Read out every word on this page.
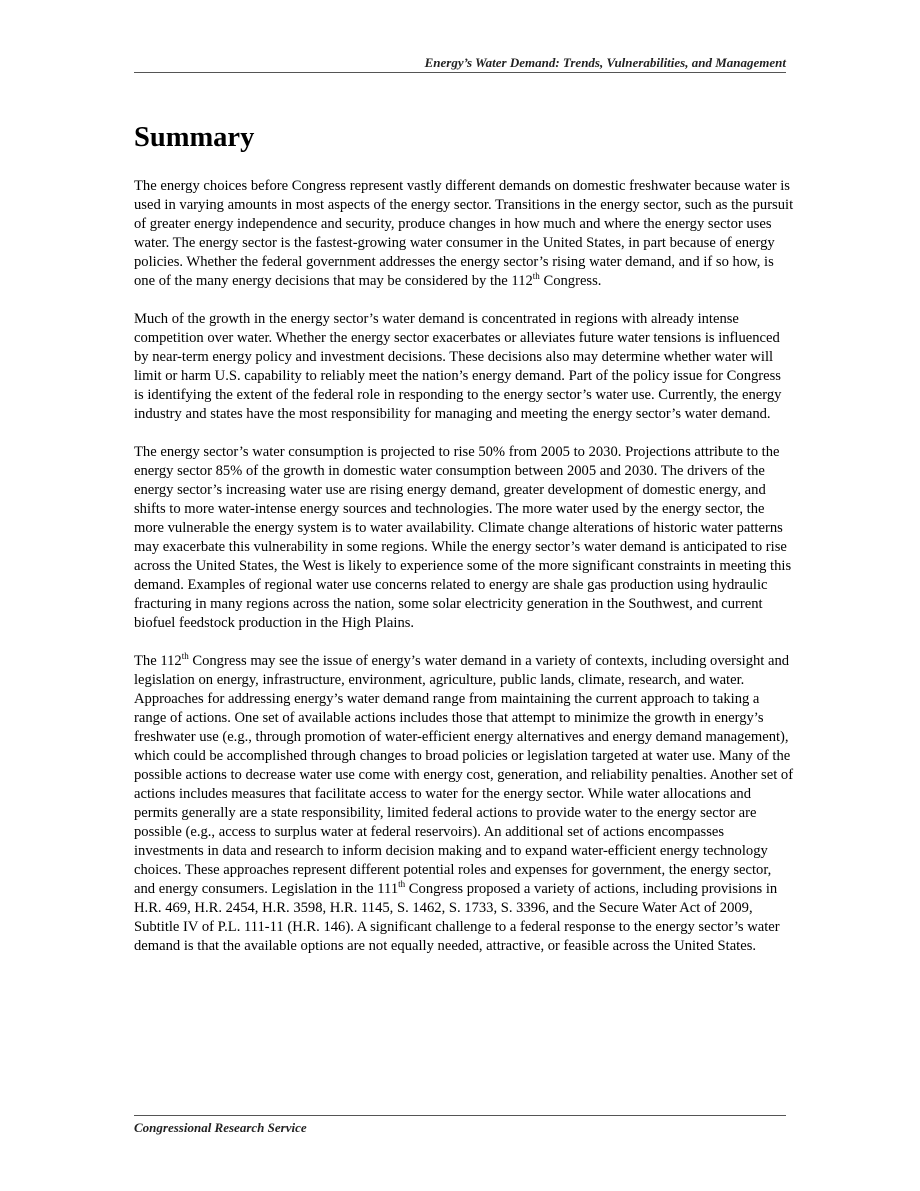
Energy’s Water Demand: Trends, Vulnerabilities, and Management
Summary

The energy choices before Congress represent vastly different demands on domestic freshwater because water is used in varying amounts in most aspects of the energy sector. Transitions in the energy sector, such as the pursuit of greater energy independence and security, produce changes in how much and where the energy sector uses water. The energy sector is the fastest-growing water consumer in the United States, in part because of energy policies. Whether the federal government addresses the energy sector’s rising water demand, and if so how, is one of the many energy decisions that may be considered by the 112th Congress.

Much of the growth in the energy sector’s water demand is concentrated in regions with already intense competition over water. Whether the energy sector exacerbates or alleviates future water tensions is influenced by near-term energy policy and investment decisions. These decisions also may determine whether water will limit or harm U.S. capability to reliably meet the nation’s energy demand. Part of the policy issue for Congress is identifying the extent of the federal role in responding to the energy sector’s water use. Currently, the energy industry and states have the most responsibility for managing and meeting the energy sector’s water demand.

The energy sector’s water consumption is projected to rise 50% from 2005 to 2030. Projections attribute to the energy sector 85% of the growth in domestic water consumption between 2005 and 2030. The drivers of the energy sector’s increasing water use are rising energy demand, greater development of domestic energy, and shifts to more water-intense energy sources and technologies. The more water used by the energy sector, the more vulnerable the energy system is to water availability. Climate change alterations of historic water patterns may exacerbate this vulnerability in some regions. While the energy sector’s water demand is anticipated to rise across the United States, the West is likely to experience some of the more significant constraints in meeting this demand. Examples of regional water use concerns related to energy are shale gas production using hydraulic fracturing in many regions across the nation, some solar electricity generation in the Southwest, and current biofuel feedstock production in the High Plains.

The 112th Congress may see the issue of energy’s water demand in a variety of contexts, including oversight and legislation on energy, infrastructure, environment, agriculture, public lands, climate, research, and water. Approaches for addressing energy’s water demand range from maintaining the current approach to taking a range of actions. One set of available actions includes those that attempt to minimize the growth in energy’s freshwater use (e.g., through promotion of water-efficient energy alternatives and energy demand management), which could be accomplished through changes to broad policies or legislation targeted at water use. Many of the possible actions to decrease water use come with energy cost, generation, and reliability penalties. Another set of actions includes measures that facilitate access to water for the energy sector. While water allocations and permits generally are a state responsibility, limited federal actions to provide water to the energy sector are possible (e.g., access to surplus water at federal reservoirs). An additional set of actions encompasses investments in data and research to inform decision making and to expand water-efficient energy technology choices. These approaches represent different potential roles and expenses for government, the energy sector, and energy consumers. Legislation in the 111th Congress proposed a variety of actions, including provisions in H.R. 469, H.R. 2454, H.R. 3598, H.R. 1145, S. 1462, S. 1733, S. 3396, and the Secure Water Act of 2009, Subtitle IV of P.L. 111-11 (H.R. 146). A significant challenge to a federal response to the energy sector’s water demand is that the available options are not equally needed, attractive, or feasible across the United States.

Congressional Research Service
